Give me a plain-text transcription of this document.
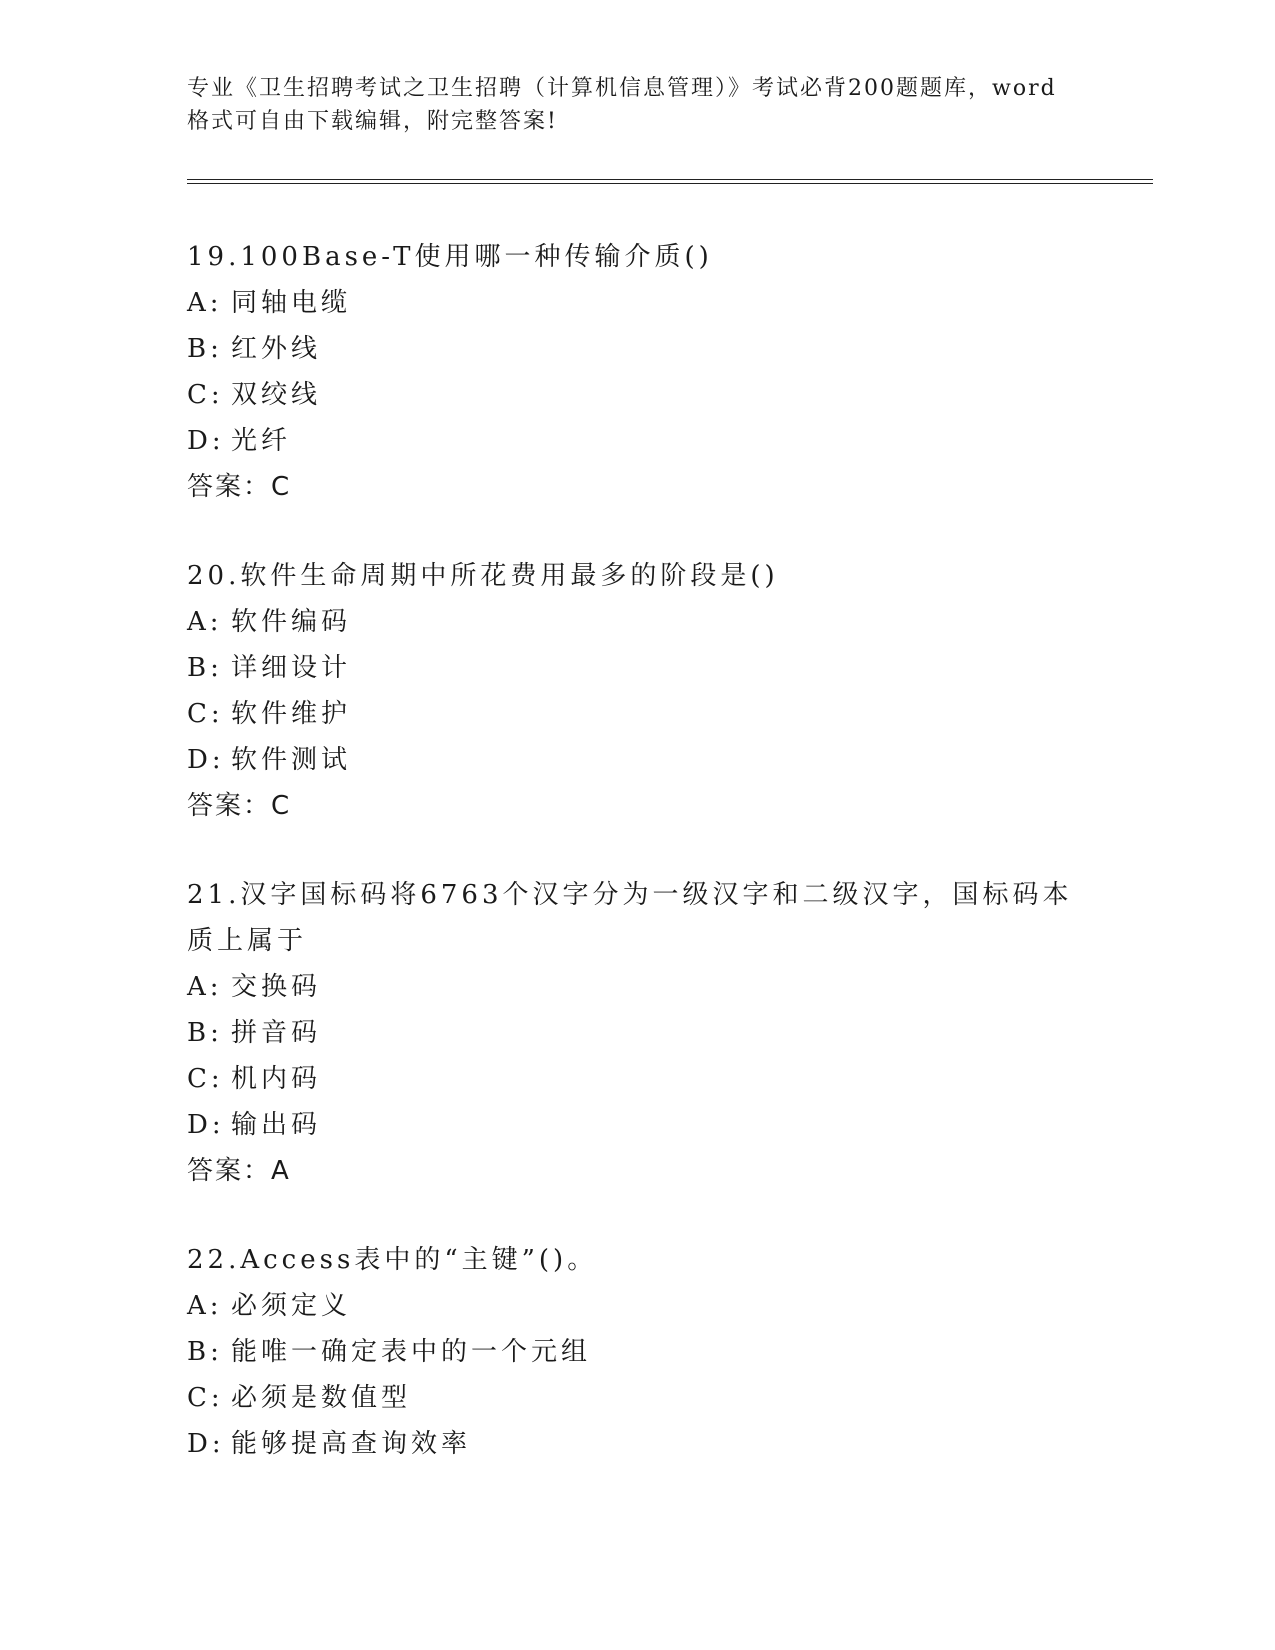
专业《卫生招聘考试之卫生招聘（计算机信息管理）》考试必背200题题库，word
格式可自由下载编辑，附完整答案!
19.100Base-T使用哪一种传输介质()
A: 同轴电缆
B: 红外线
C: 双绞线
D: 光纤
答案：C
20.软件生命周期中所花费用最多的阶段是()
A: 软件编码
B: 详细设计
C: 软件维护
D: 软件测试
答案：C
21.汉字国标码将6763个汉字分为一级汉字和二级汉字，国标码本质上属于
A: 交换码
B: 拼音码
C: 机内码
D: 输出码
答案：A
22.Access表中的“主键”()。
A: 必须定义
B: 能唯一确定表中的一个元组
C: 必须是数值型
D: 能够提高查询效率
